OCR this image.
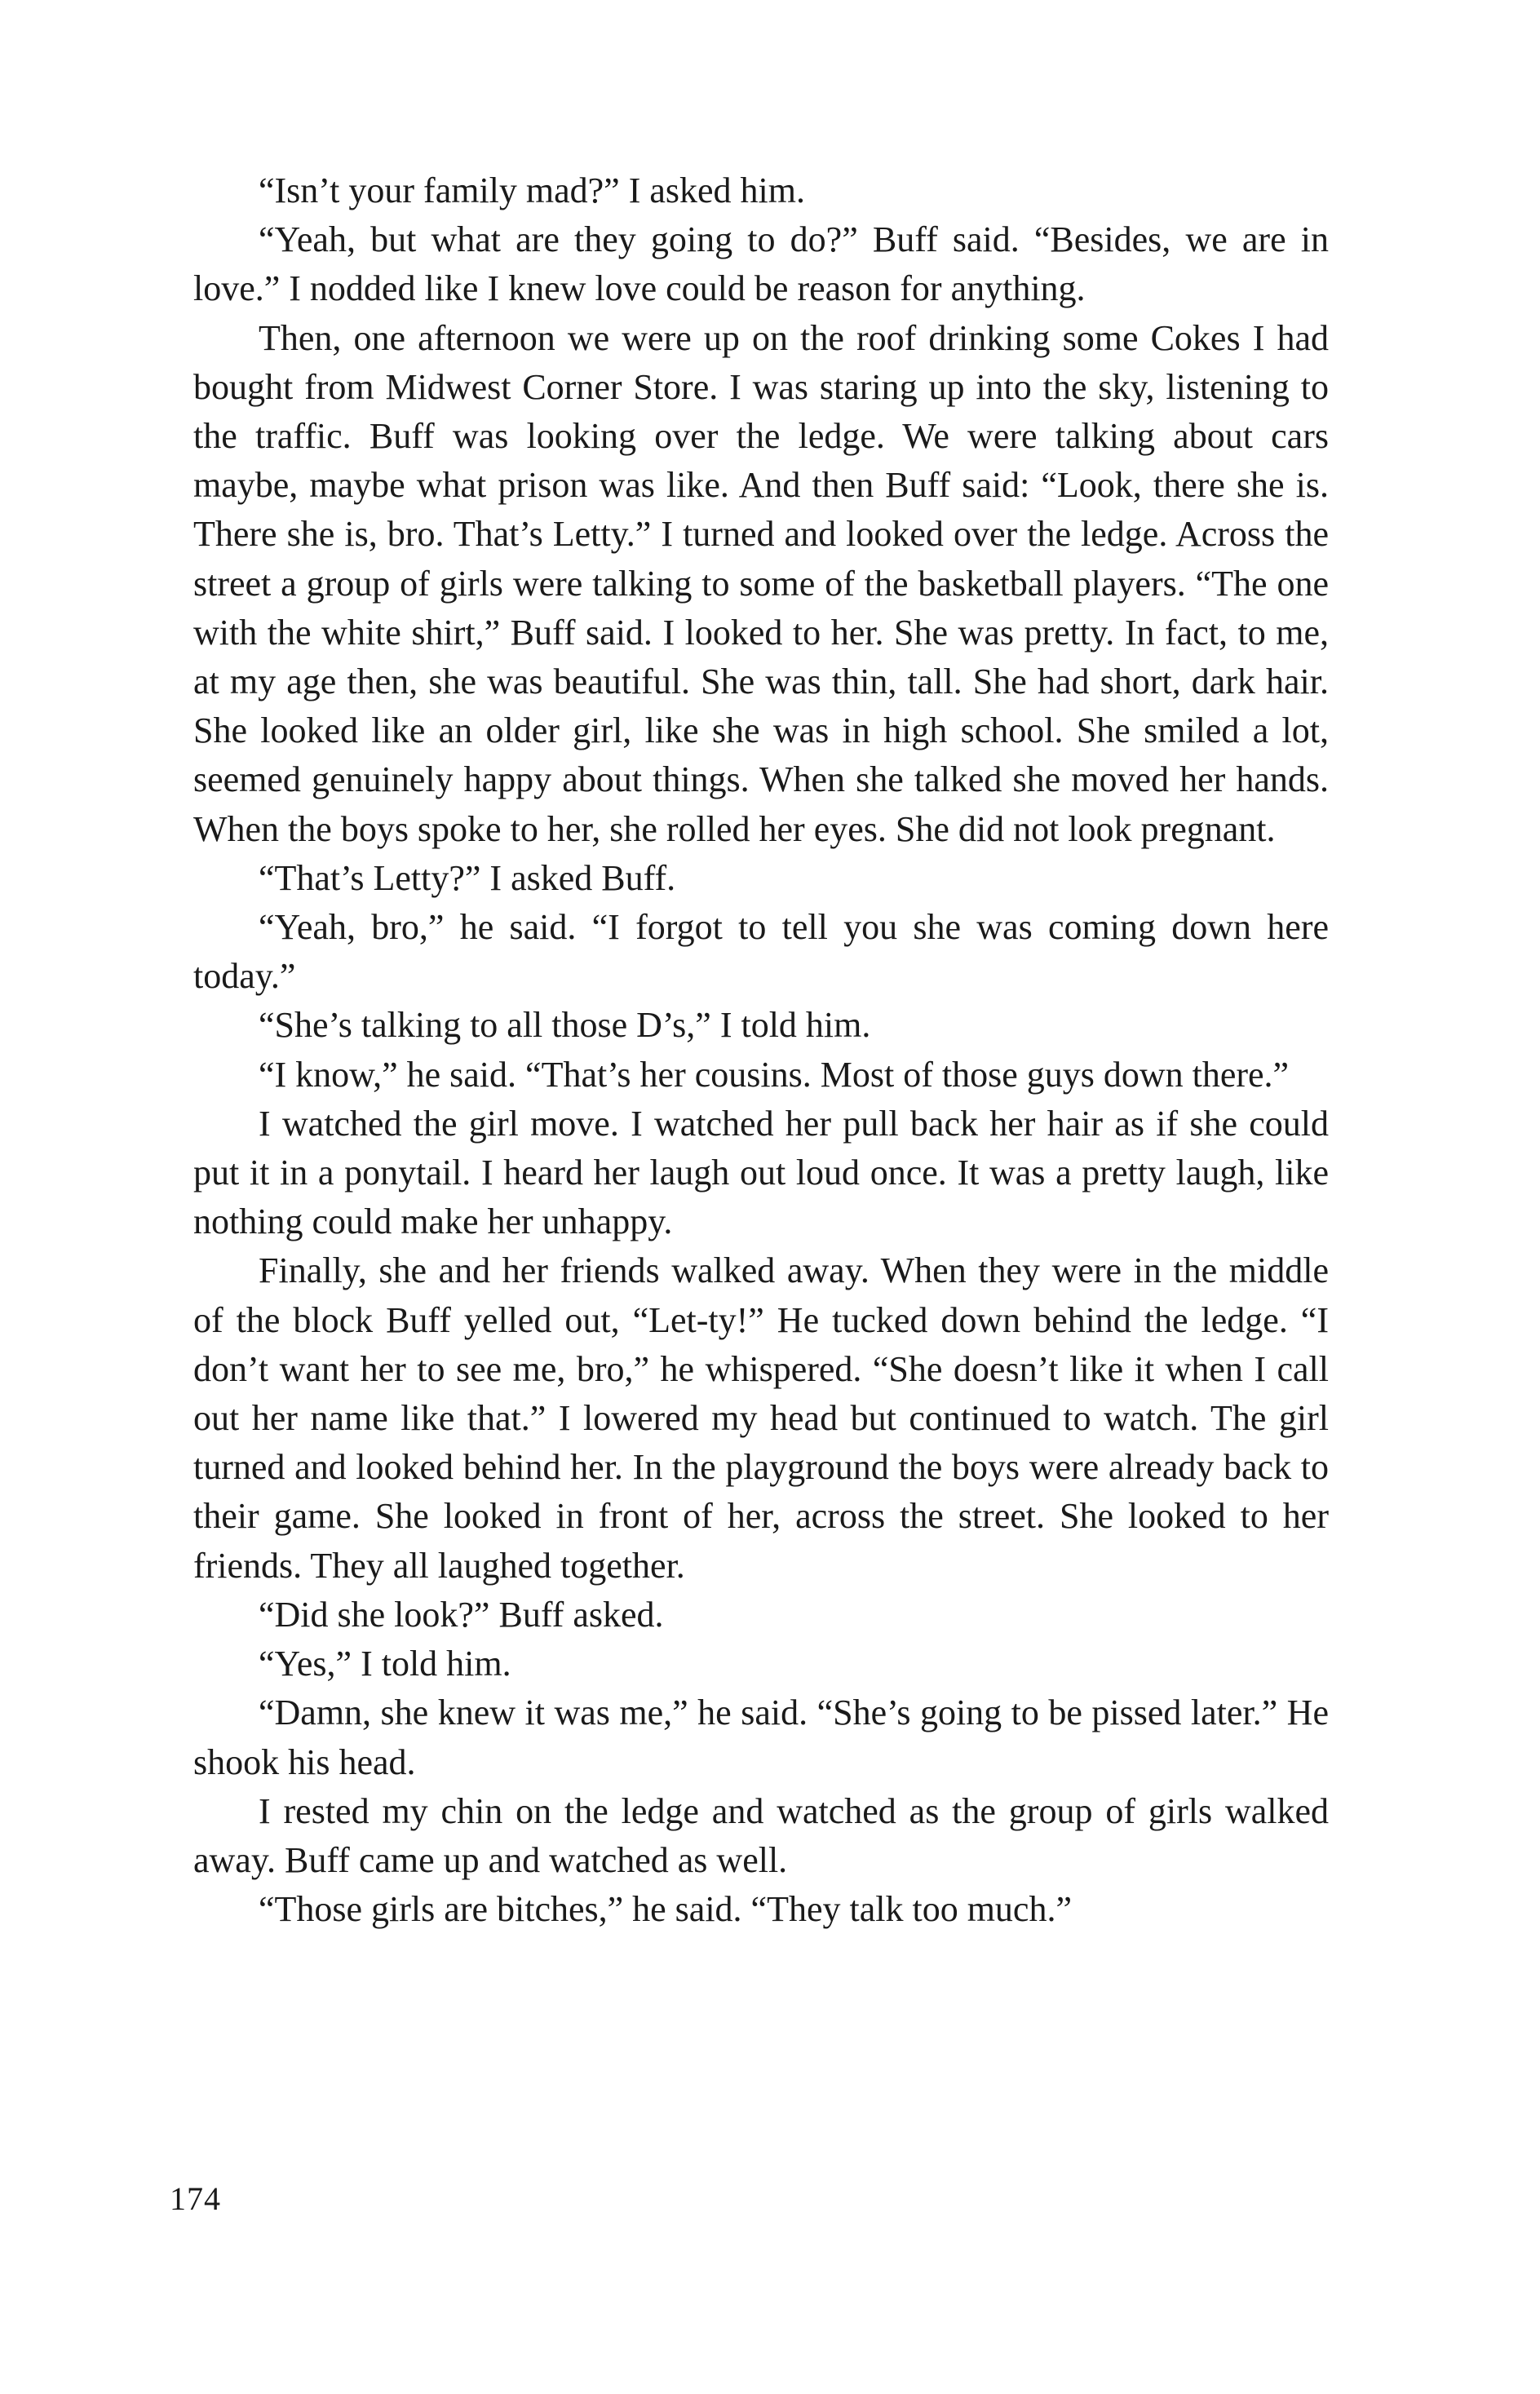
“Isn’t your family mad?” I asked him.

“Yeah, but what are they going to do?” Buff said. “Besides, we are in love.” I nodded like I knew love could be reason for anything.

Then, one afternoon we were up on the roof drinking some Cokes I had bought from Midwest Corner Store. I was staring up into the sky, listening to the traffic. Buff was looking over the ledge. We were talking about cars maybe, maybe what prison was like. And then Buff said: “Look, there she is. There she is, bro. That’s Letty.” I turned and looked over the ledge. Across the street a group of girls were talking to some of the basketball players. “The one with the white shirt,” Buff said. I looked to her. She was pretty. In fact, to me, at my age then, she was beautiful. She was thin, tall. She had short, dark hair. She looked like an older girl, like she was in high school. She smiled a lot, seemed genuinely happy about things. When she talked she moved her hands. When the boys spoke to her, she rolled her eyes. She did not look pregnant.

“That’s Letty?” I asked Buff.

“Yeah, bro,” he said. “I forgot to tell you she was coming down here today.”

“She’s talking to all those D’s,” I told him.

“I know,” he said. “That’s her cousins. Most of those guys down there.”

I watched the girl move. I watched her pull back her hair as if she could put it in a ponytail. I heard her laugh out loud once. It was a pretty laugh, like nothing could make her unhappy.

Finally, she and her friends walked away. When they were in the middle of the block Buff yelled out, “Let-ty!” He tucked down behind the ledge. “I don’t want her to see me, bro,” he whispered. “She doesn’t like it when I call out her name like that.” I lowered my head but continued to watch. The girl turned and looked behind her. In the playground the boys were already back to their game. She looked in front of her, across the street. She looked to her friends. They all laughed together.

“Did she look?” Buff asked.

“Yes,” I told him.

“Damn, she knew it was me,” he said. “She’s going to be pissed later.” He shook his head.

I rested my chin on the ledge and watched as the group of girls walked away. Buff came up and watched as well.

“Those girls are bitches,” he said. “They talk too much.”

174
